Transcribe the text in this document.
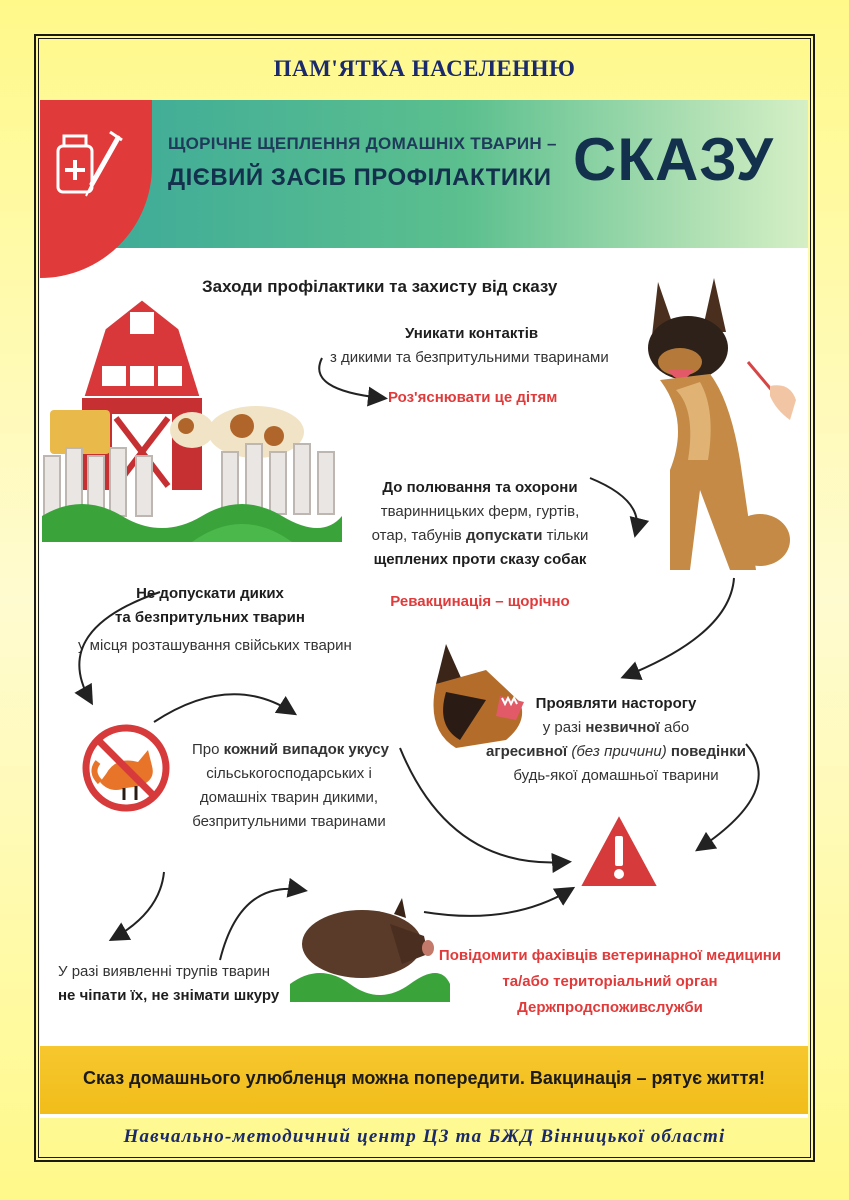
ПАМ'ЯТКА НАСЕЛЕННЮ
ЩОРІЧНЕ ЩЕПЛЕННЯ ДОМАШНІХ ТВАРИН –
ДІЄВИЙ ЗАСІБ ПРОФІЛАКТИКИ СКАЗУ
Заходи профілактики та захисту від сказу
Уникати контактів
з дикими та безпритульними тваринами
Роз'яснювати це дітям
До полювання та охорони
тваринницьких ферм, гуртів,
отар, табунів допускати тільки
щеплених проти сказу собак
Ревакцинація – щорічно
Не допускати диких
та безпритульних тварин
у місця розташування свійських тварин
Проявляти насторогу
у разі незвичної або
агресивної (без причини) поведінки
будь-якої домашньої тварини
Про кожний випадок укусу
сільськогосподарських і
домашніх тварин дикими,
безпритульними тваринами
У разі виявленні трупів тварин
не чіпати їх, не знімати шкуру
Повідомити фахівців ветеринарної медицини
та/або територіальний орган
Держпродспоживслужби
Сказ домашнього улюбленця можна попередити. Вакцинація – рятує життя!
Навчально-методичний центр ЦЗ та БЖД Вінницької області
